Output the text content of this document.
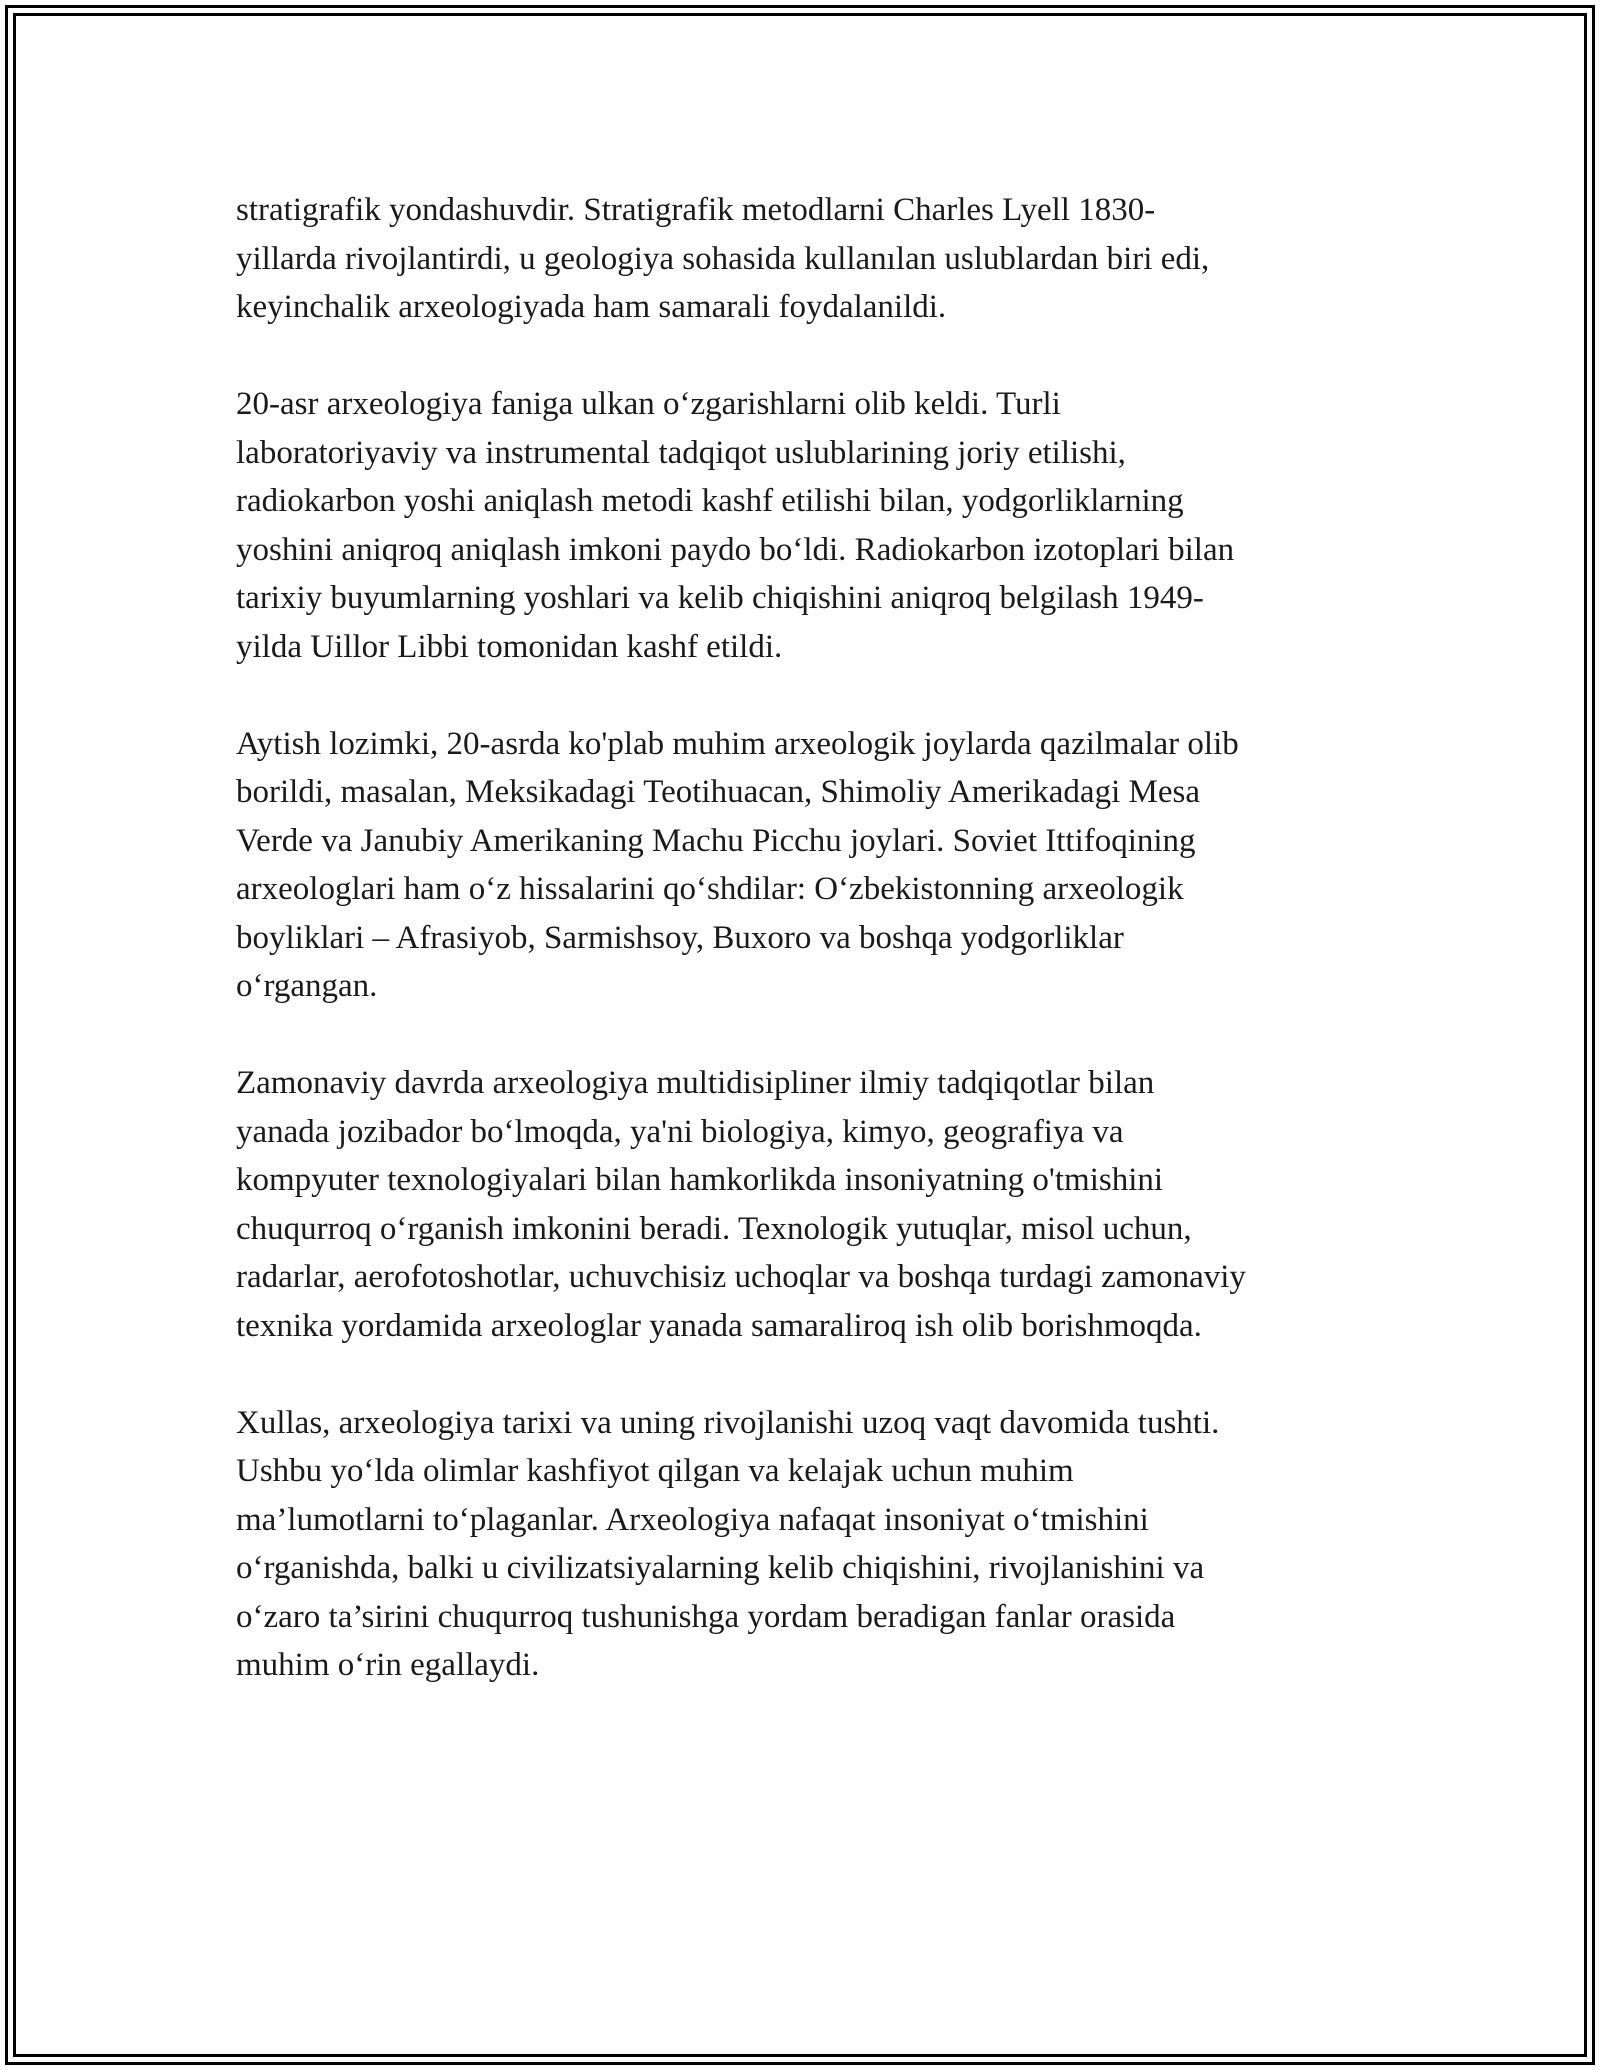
stratigrafik yondashuvdir. Stratigrafik metodlarni Charles Lyell 1830-
yillarda rivojlantirdi, u geologiya sohasida kullanılan uslublardan biri edi,
keyinchalik arxeologiyada ham samarali foydalanildi.

20-asr arxeologiya faniga ulkan o‘zgarishlarni olib keldi. Turli
laboratoriyaviy va instrumental tadqiqot uslublarining joriy etilishi,
radiokarbon yoshi aniqlash metodi kashf etilishi bilan, yodgorliklarning
yoshini aniqroq aniqlash imkoni paydo bo‘ldi. Radiokarbon izotoplari bilan
tarixiy buyumlarning yoshlari va kelib chiqishini aniqroq belgilash 1949-
yilda Uillor Libbi tomonidan kashf etildi.

Aytish lozimki, 20-asrda ko'plab muhim arxeologik joylarda qazilmalar olib
borildi, masalan, Meksikadagi Teotihuacan, Shimoliy Amerikadagi Mesa
Verde va Janubiy Amerikaning Machu Picchu joylari. Soviet Ittifoqining
arxeologlari ham o‘z hissalarini qo‘shdilar: O‘zbekistonning arxeologik
boyliklari – Afrasiyob, Sarmishsoy, Buxoro va boshqa yodgorliklar
o‘rgangan.

Zamonaviy davrda arxeologiya multidisipliner ilmiy tadqiqotlar bilan
yanada jozibador bo‘lmoqda, ya'ni biologiya, kimyo, geografiya va
kompyuter texnologiyalari bilan hamkorlikda insoniyatning o'tmishini
chuqurroq o‘rganish imkonini beradi. Texnologik yutuqlar, misol uchun,
radarlar, aerofotoshotlar, uchuvchisiz uchoqlar va boshqa turdagi zamonaviy
texnika yordamida arxeologlar yanada samaraliroq ish olib borishmoqda.

Xullas, arxeologiya tarixi va uning rivojlanishi uzoq vaqt davomida tushti.
Ushbu yo‘lda olimlar kashfiyot qilgan va kelajak uchun muhim
ma’lumotlarni to‘plaganlar. Arxeologiya nafaqat insoniyat o‘tmishini
o‘rganishda, balki u civilizatsiyalarning kelib chiqishini, rivojlanishini va
o‘zaro ta’sirini chuqurroq tushunishga yordam beradigan fanlar orasida
muhim o‘rin egallaydi.
